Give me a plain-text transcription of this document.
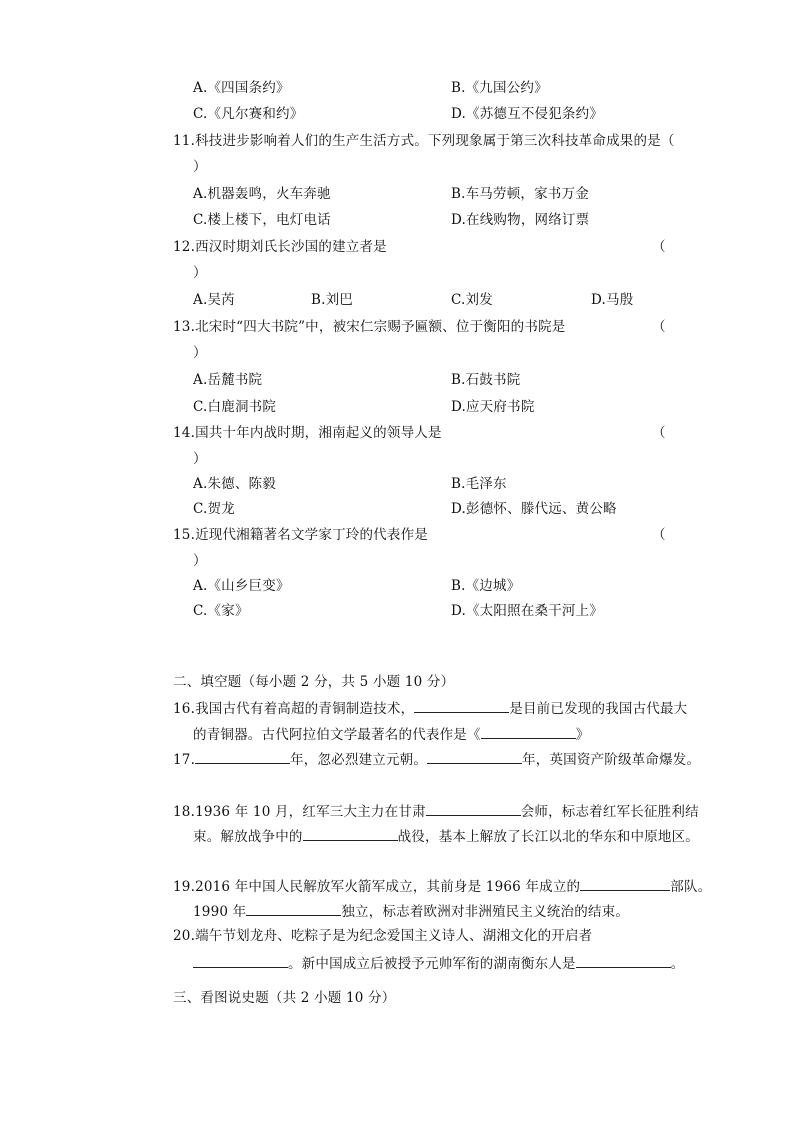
A.《四国条约》	B.《九国公约》
C.《凡尔赛和约》	D.《苏德互不侵犯条约》
11.科技进步影响着人们的生产生活方式。下列现象属于第三次科技革命成果的是（
）
A.机器轰鸣，火车奔驰	B.车马劳顿，家书万金
C.楼上楼下，电灯电话	D.在线购物，网络订票
12.西汉时期刘氏长沙国的建立者是	（
）
A.吴芮	B.刘巴	C.刘发	D.马殷
13.北宋时“四大书院”中，被宋仁宗赐予匾额、位于衡阳的书院是	（
）
A.岳麓书院	B.石鼓书院
C.白鹿洞书院	D.应天府书院
14.国共十年内战时期，湘南起义的领导人是	（
）
A.朱德、陈毅	B.毛泽东
C.贺龙	D.彭德怀、滕代远、黄公略
15.近现代湘籍著名文学家丁玲的代表作是	（
）
A.《山乡巨变》	B.《边城》
C.《家》	D.《太阳照在桑干河上》
二、填空题（每小题 2 分，共 5 小题 10 分）
16.我国古代有着高超的青铜制造技术，	是目前已发现的我国古代最大
的青铜器。古代阿拉伯文学最著名的代表作是《	》
17.	年，忽必烈建立元朝。	年，英国资产阶级革命爆发。
18.1936 年 10 月，红军三大主力在甘肃	会师，标志着红军长征胜利结
束。解放战争中的	战役，基本上解放了长江以北的华东和中原地区。
19.2016 年中国人民解放军火箭军成立，其前身是 1966 年成立的	部队。
1990 年	独立，标志着欧洲对非洲殖民主义统治的结束。
20.端午节划龙舟、吃粽子是为纪念爱国主义诗人、湖湘文化的开启者
。新中国成立后被授予元帅军衔的湖南衡东人是	。
三、看图说史题（共 2 小题 10 分）
